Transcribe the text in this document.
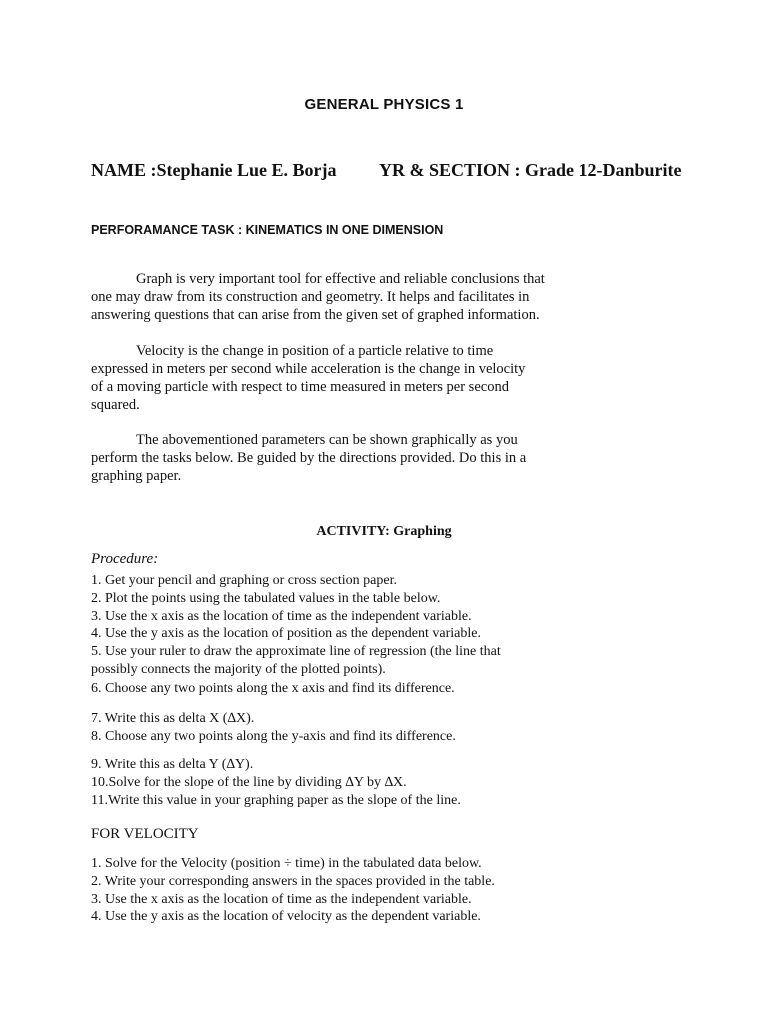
GENERAL PHYSICS 1
NAME :Stephanie Lue E. Borja YR & SECTION : Grade 12-Danburite
PERFORAMANCE TASK : KINEMATICS IN ONE DIMENSION
Graph is very important tool for effective and reliable conclusions that
one may draw from its construction and geometry. It helps and facilitates in
answering questions that can arise from the given set of graphed information.
Velocity is the change in position of a particle relative to time
expressed in meters per second while acceleration is the change in velocity
of a moving particle with respect to time measured in meters per second
squared.
The abovementioned parameters can be shown graphically as you
perform the tasks below. Be guided by the directions provided. Do this in a
graphing paper.
ACTIVITY: Graphing
Procedure:
1. Get your pencil and graphing or cross section paper.
2. Plot the points using the tabulated values in the table below.
3. Use the x axis as the location of time as the independent variable.
4. Use the y axis as the location of position as the dependent variable.
5. Use your ruler to draw the approximate line of regression (the line that
possibly connects the majority of the plotted points).
6. Choose any two points along the x axis and find its difference.
7. Write this as delta X (∆X).
8. Choose any two points along the y-axis and find its difference.
9. Write this as delta Y (∆Y).
10.Solve for the slope of the line by dividing ∆Y by ∆X.
11.Write this value in your graphing paper as the slope of the line.
FOR VELOCITY
1. Solve for the Velocity (position ÷ time) in the tabulated data below.
2. Write your corresponding answers in the spaces provided in the table.
3. Use the x axis as the location of time as the independent variable.
4. Use the y axis as the location of velocity as the dependent variable.
